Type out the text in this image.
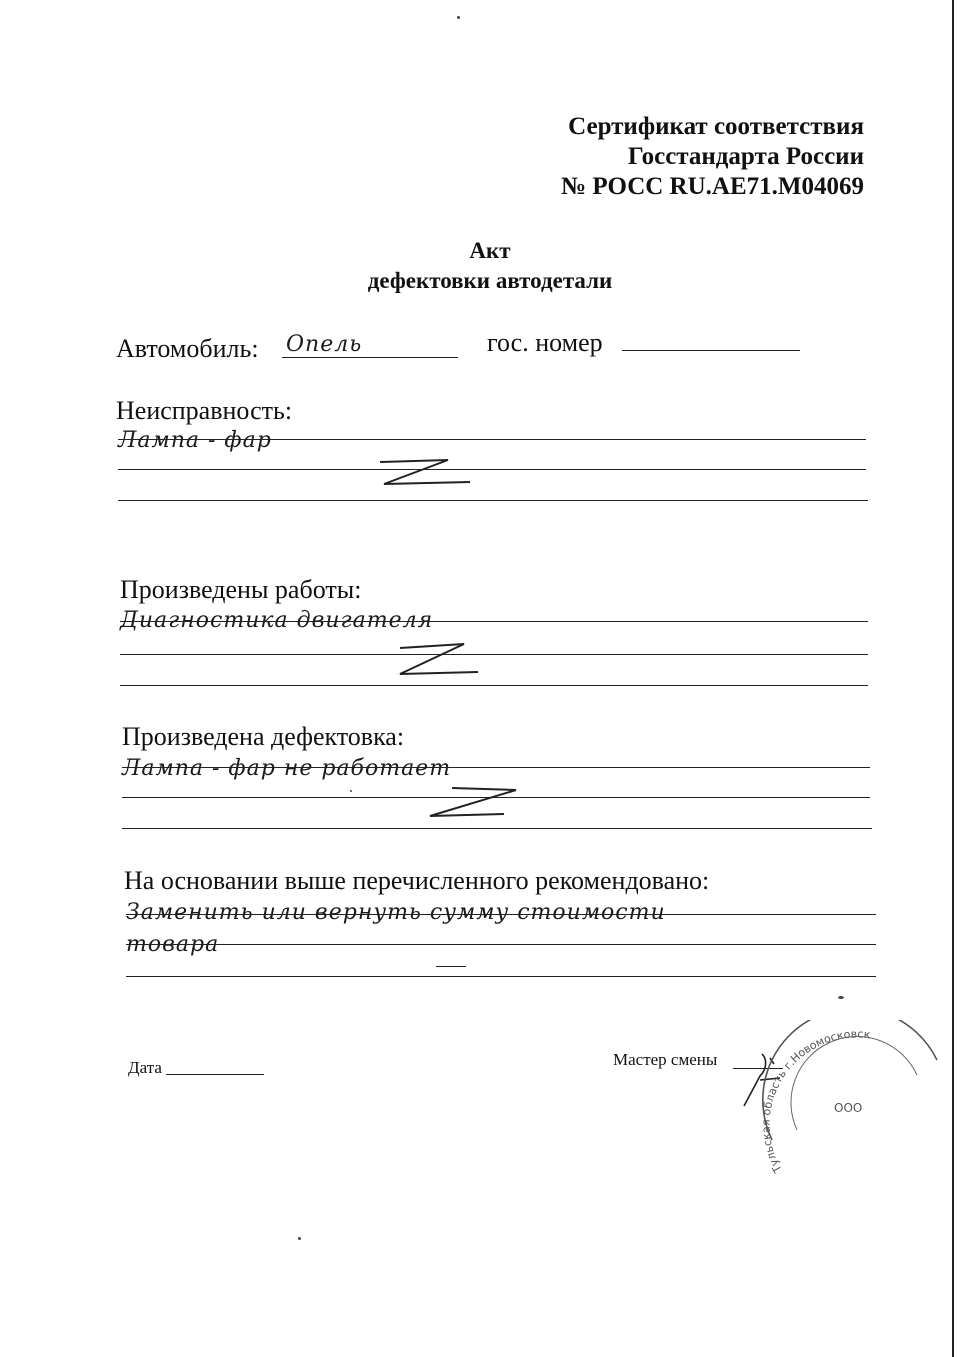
Сертификат соответствия
Госстандарта России
№ РОСС RU.AE71.M04069
Акт
дефектовки автодетали
Автомобиль: Опель	гос. номер
Неисправность:
Лампа - фар
Произведены работы:
Диагностика двигателя
Произведена дефектовка:
Лампа - фар не работает
На основании выше перечисленного рекомендовано:
Заменить или вернуть сумму стоимости
товара
Дата	Мастер смены
Тульская область г.Новомосковск
ООО
